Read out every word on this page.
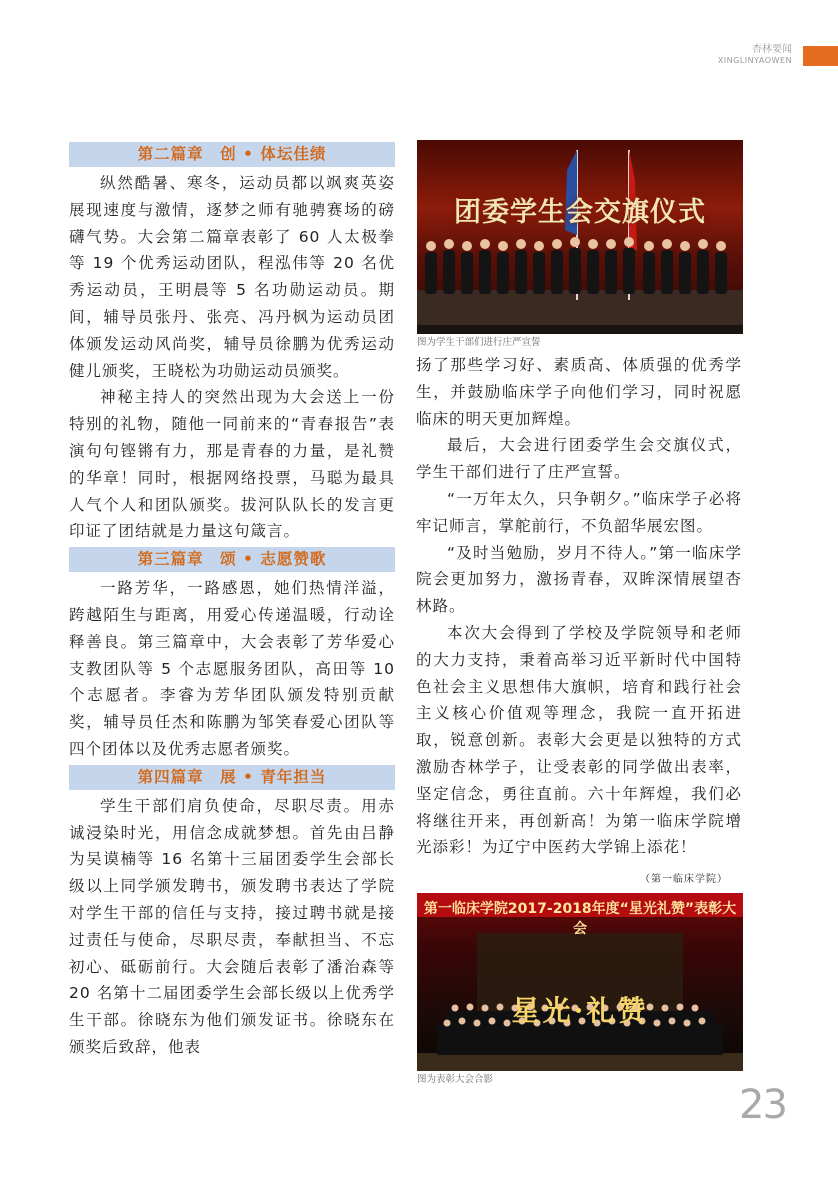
杏林要闻
XINGLINYAOWEN
第二篇章　创 • 体坛佳绩

纵然酷暑、寒冬，运动员都以飒爽英姿展现速度与激情，逐梦之师有驰骋赛场的磅礴气势。大会第二篇章表彰了 60 人太极拳等 19 个优秀运动团队，程泓伟等 20 名优秀运动员，王明晨等 5 名功勋运动员。期间，辅导员张丹、张亮、冯丹枫为运动员团体颁发运动风尚奖，辅导员徐鹏为优秀运动健儿颁奖，王晓松为功勋运动员颁奖。

神秘主持人的突然出现为大会送上一份特别的礼物，随他一同前来的“青春报告”表演句句铿锵有力，那是青春的力量，是礼赞的华章！同时，根据网络投票，马聪为最具人气个人和团队颁奖。拔河队队长的发言更印证了团结就是力量这句箴言。

第三篇章　颂 • 志愿赞歌

一路芳华，一路感恩，她们热情洋溢，跨越陌生与距离，用爱心传递温暖，行动诠释善良。第三篇章中，大会表彰了芳华爱心支教团队等 5 个志愿服务团队，高田等 10 个志愿者。李睿为芳华团队颁发特别贡献奖，辅导员任杰和陈鹏为邹笑春爱心团队等四个团体以及优秀志愿者颁奖。

第四篇章　展 • 青年担当

学生干部们肩负使命，尽职尽责。用赤诚浸染时光，用信念成就梦想。首先由吕静为吴谟楠等 16 名第十三届团委学生会部长级以上同学颁发聘书，颁发聘书表达了学院对学生干部的信任与支持，接过聘书就是接过责任与使命，尽职尽责，奉献担当、不忘初心、砥砺前行。大会随后表彰了潘治森等 20 名第十二届团委学生会部长级以上优秀学生干部。徐晓东为他们颁发证书。徐晓东在颁奖后致辞，他表

团委学生会交旗仪式
图为学生干部们进行庄严宣誓

扬了那些学习好、素质高、体质强的优秀学生，并鼓励临床学子向他们学习，同时祝愿临床的明天更加辉煌。

最后，大会进行团委学生会交旗仪式，学生干部们进行了庄严宣誓。

“一万年太久，只争朝夕。”临床学子必将牢记师言，掌舵前行，不负韶华展宏图。

“及时当勉励，岁月不待人。”第一临床学院会更加努力，激扬青春，双眸深情展望杏林路。

本次大会得到了学校及学院领导和老师的大力支持，秉着高举习近平新时代中国特色社会主义思想伟大旗帜，培育和践行社会主义核心价值观等理念，我院一直开拓进取，锐意创新。表彰大会更是以独特的方式激励杏林学子，让受表彰的同学做出表率，坚定信念，勇往直前。六十年辉煌，我们必将继往开来，再创新高！为第一临床学院增光添彩！为辽宁中医药大学锦上添花！

（第一临床学院）
第一临床学院2017-2018年度“星光礼赞”表彰大会
星光·礼赞
图为表彰大会合影
23
